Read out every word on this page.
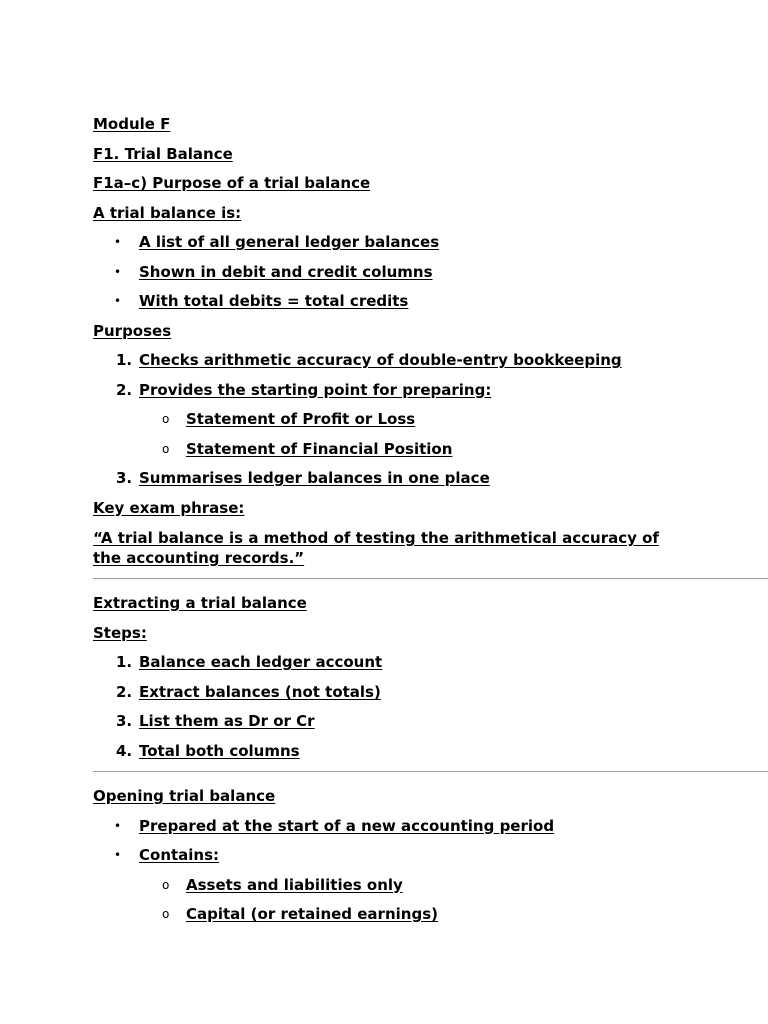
Module F

F1. Trial Balance

F1a–c) Purpose of a trial balance

A trial balance is:

• A list of all general ledger balances
• Shown in debit and credit columns
• With total debits = total credits

Purposes

1. Checks arithmetic accuracy of double-entry bookkeeping
2. Provides the starting point for preparing:
o Statement of Profit or Loss
o Statement of Financial Position
3. Summarises ledger balances in one place

Key exam phrase:

“A trial balance is a method of testing the arithmetical accuracy of the accounting records.”

Extracting a trial balance

Steps:

1. Balance each ledger account
2. Extract balances (not totals)
3. List them as Dr or Cr
4. Total both columns

Opening trial balance

• Prepared at the start of a new accounting period
• Contains:
o Assets and liabilities only
o Capital (or retained earnings)
